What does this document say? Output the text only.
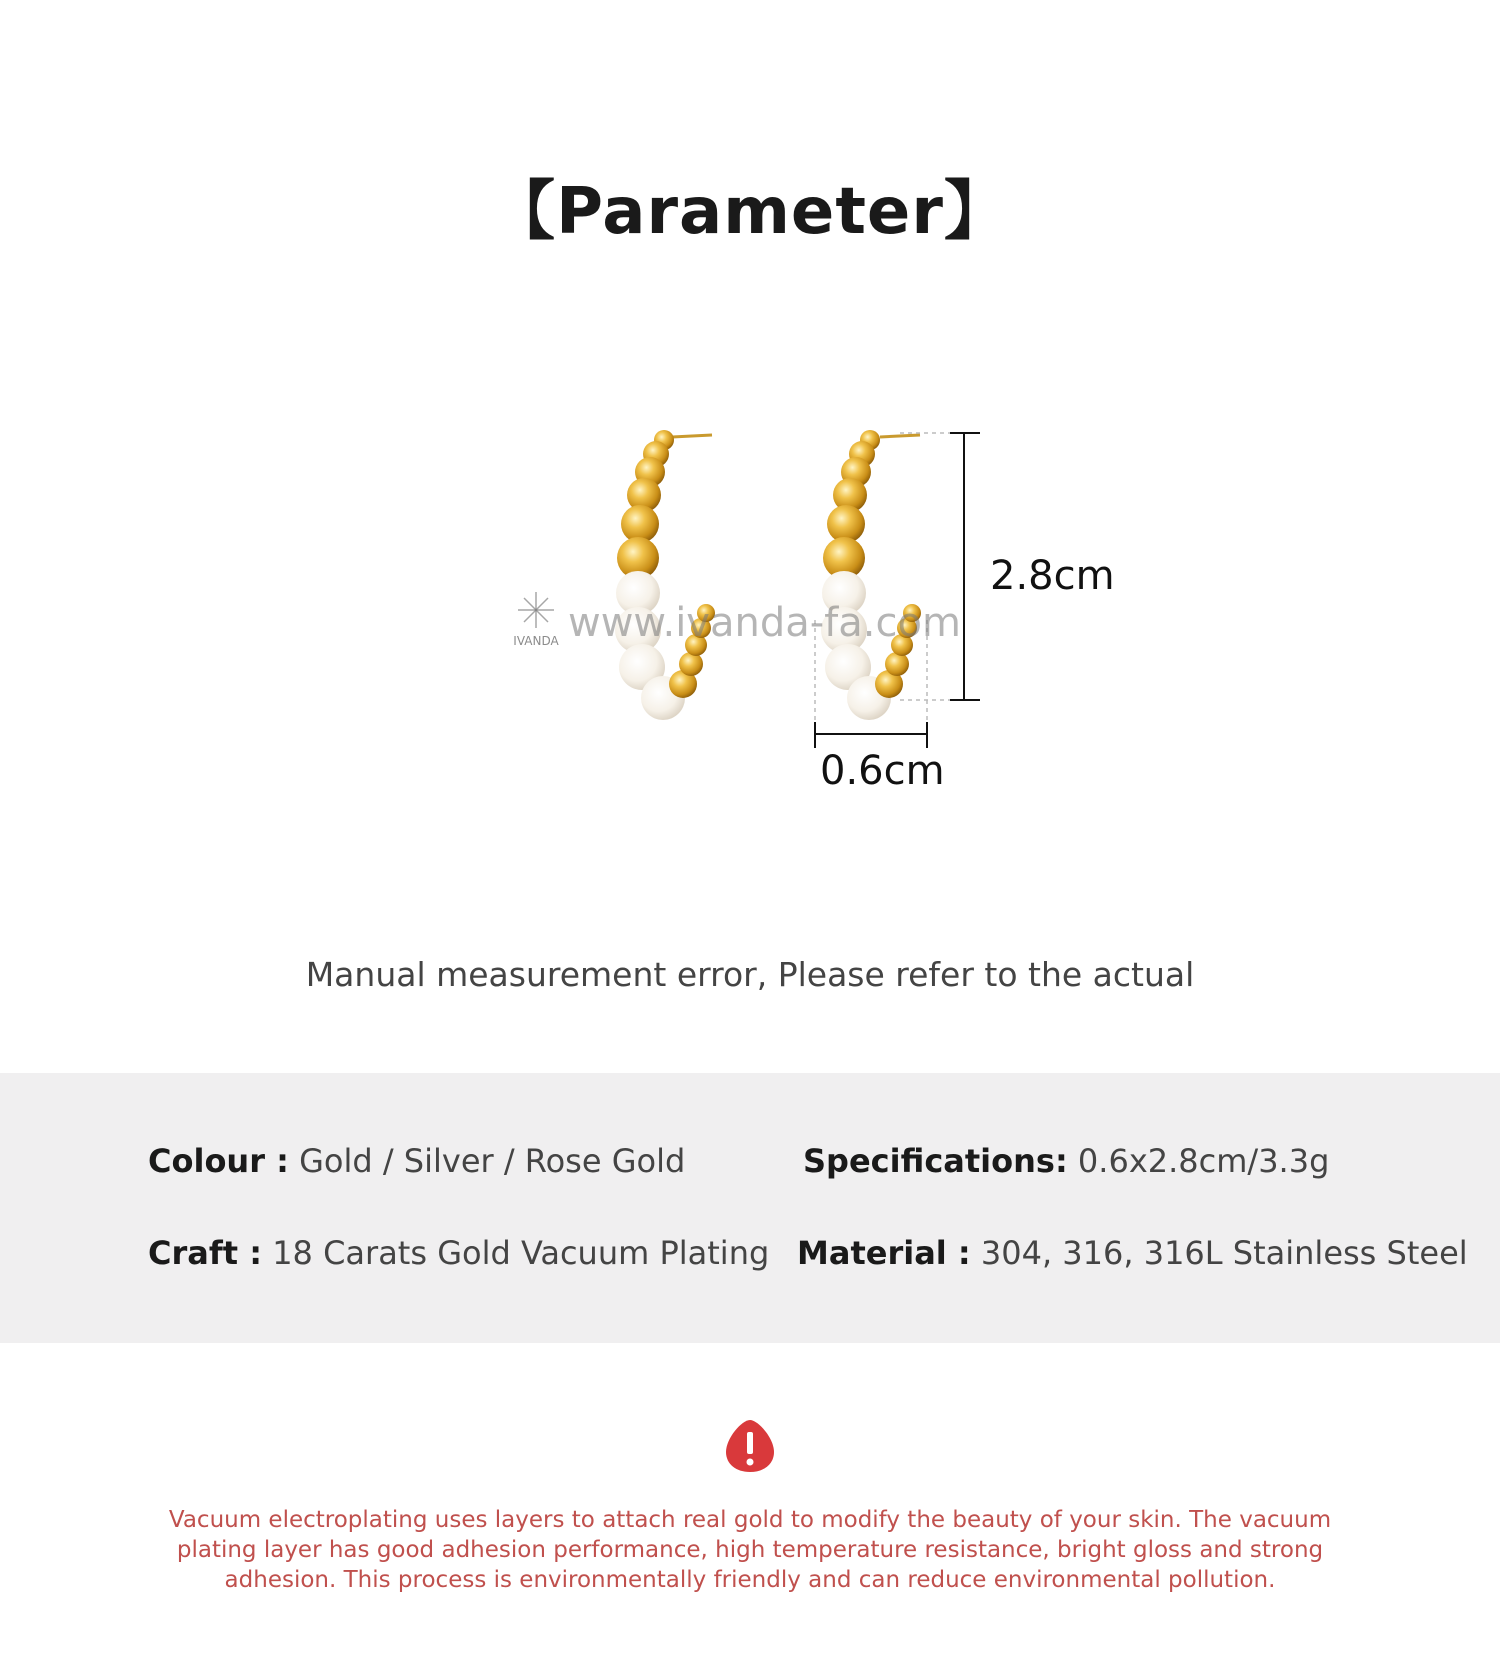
【Parameter】
IVANDA www.ivanda-fa.com
2.8cm
0.6cm
Manual measurement error, Please refer to the actual
Colour : Gold / Silver / Rose Gold	Specifications: 0.6x2.8cm/3.3g
Craft : 18 Carats Gold Vacuum Plating Material : 304, 316, 316L Stainless Steel
Vacuum electroplating uses layers to attach real gold to modify the beauty of your skin. The vacuum plating layer has good adhesion performance, high temperature resistance, bright gloss and strong adhesion. This process is environmentally friendly and can reduce environmental pollution.
